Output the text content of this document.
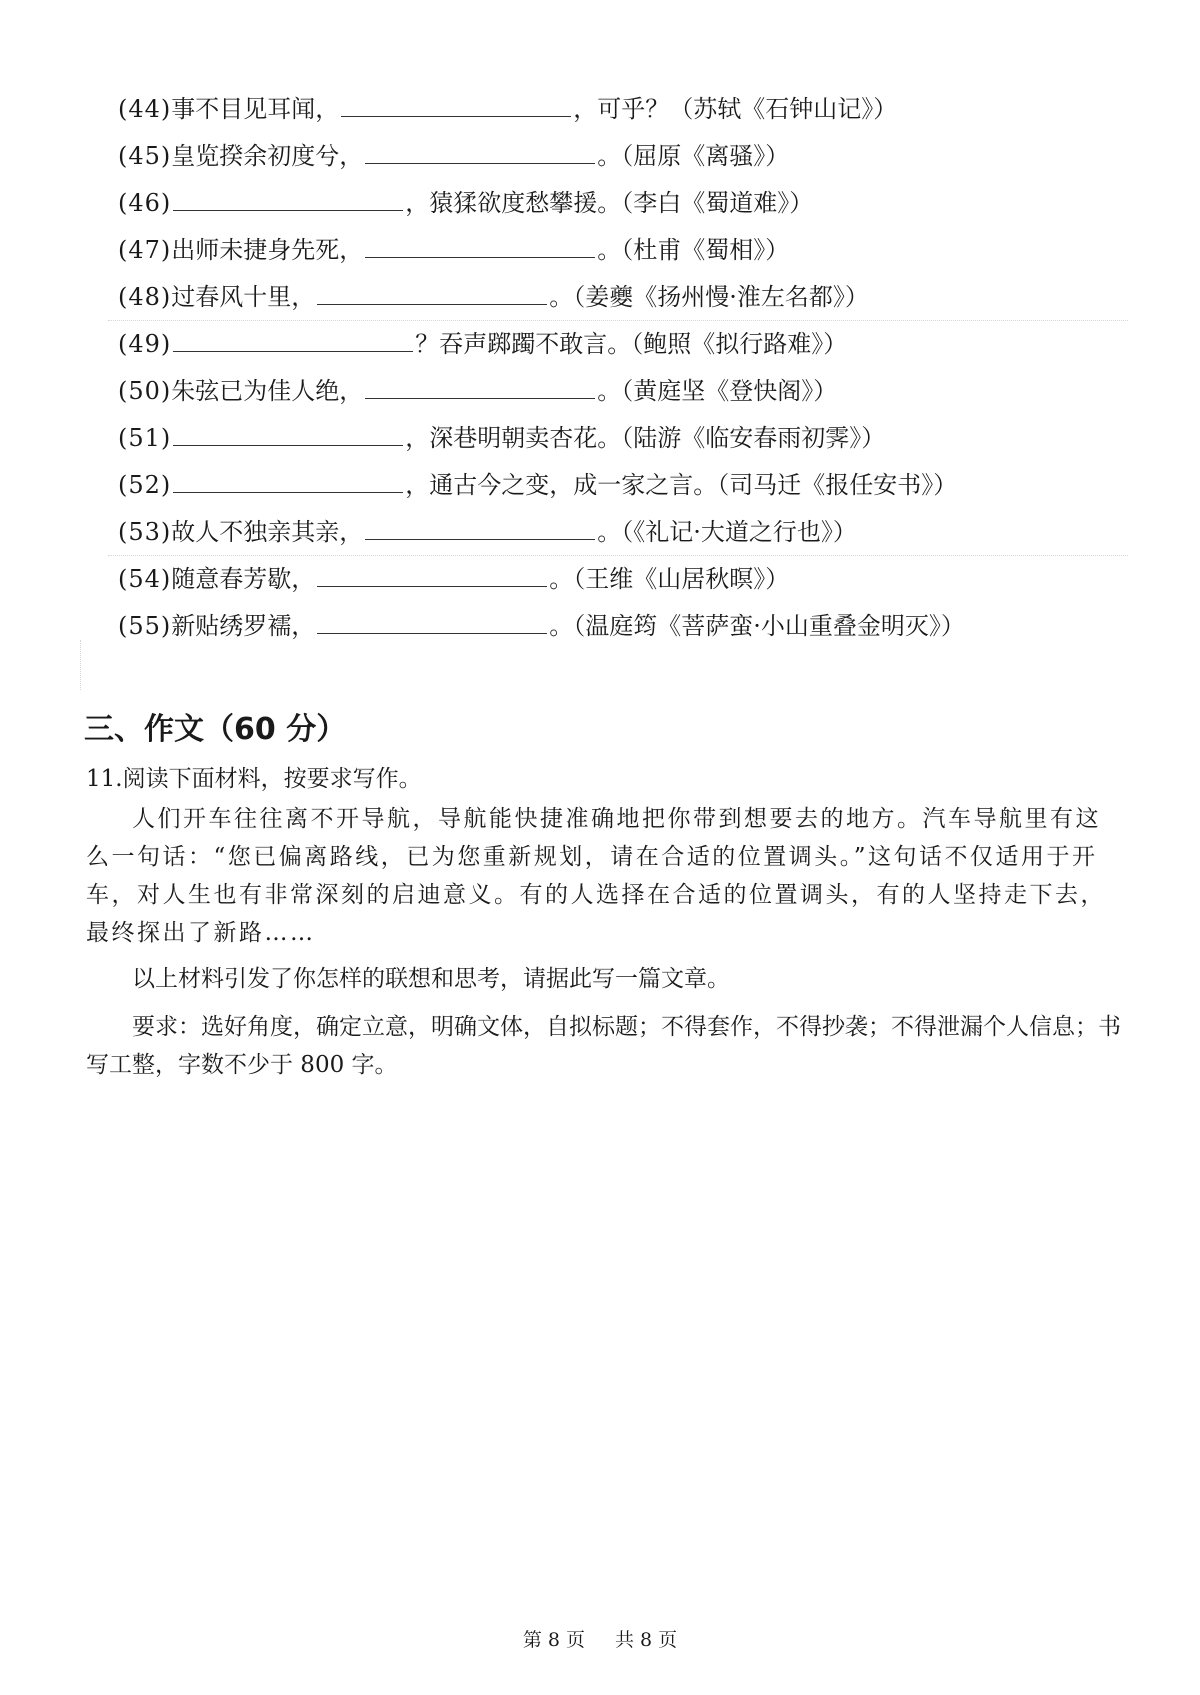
(44)事不目见耳闻，	，可乎？（苏轼《石钟山记》）
(45)皇览揆余初度兮，	。（屈原《离骚》）
(46)	，猿猱欲度愁攀援。（李白《蜀道难》）
(47)出师未捷身先死，	。（杜甫《蜀相》）
(48)过春风十里，	。（姜夔《扬州慢·淮左名都》）
(49)	？吞声踯躅不敢言。（鲍照《拟行路难》）
(50)朱弦已为佳人绝，	。（黄庭坚《登快阁》）
(51)	，深巷明朝卖杏花。（陆游《临安春雨初霁》）
(52)	，通古今之变，成一家之言。（司马迁《报任安书》）
(53)故人不独亲其亲，	。（《礼记·大道之行也》）
(54)随意春芳歇，	。（王维《山居秋暝》）
(55)新贴绣罗襦，	。（温庭筠《菩萨蛮·小山重叠金明灭》）
三、作文（60 分）
11.阅读下面材料，按要求写作。
人们开车往往离不开导航，导航能快捷准确地把你带到想要去的地方。汽车导航里有这么一句话：“您已偏离路线，已为您重新规划，请在合适的位置调头。”这句话不仅适用于开车，对人生也有非常深刻的启迪意义。有的人选择在合适的位置调头，有的人坚持走下去，最终探出了新路……
以上材料引发了你怎样的联想和思考，请据此写一篇文章。
要求：选好角度，确定立意，明确文体，自拟标题；不得套作，不得抄袭；不得泄漏个人信息；书写工整，字数不少于 800 字。
第 8 页 共 8 页
